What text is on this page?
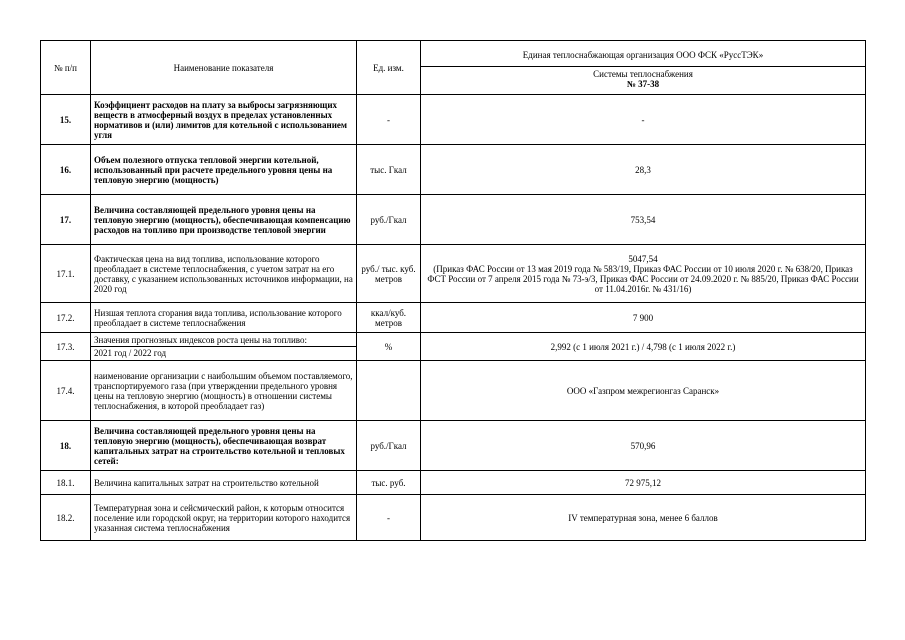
№ п/п	Наименование показателя	Ед. изм.	Единая теплоснабжающая организация ООО ФСК «РусcТЭК»
Системы теплоснабжения
№ 37-38

15.	Коэффициент расходов на плату за выбросы загрязняющих веществ в атмосферный воздух в пределах установленных нормативов и (или) лимитов для котельной с использованием угля	-	-
16.	Объем полезного отпуска тепловой энергии котельной, использованный при расчете предельного уровня цены на тепловую энергию (мощность)	тыс. Гкал	28,3
17.	Величина составляющей предельного уровня цены на тепловую энергию (мощность), обеспечивающая компенсацию расходов на топливо при производстве тепловой энергии	руб./Гкал	753,54
17.1.	Фактическая цена на вид топлива, использование которого преобладает в системе теплоснабжения, с учетом затрат на его доставку, с указанием использованных источников информации, на 2020 год	руб./ тыс. куб. метров	5047,54
(Приказ ФАС России от 13 мая 2019 года № 583/19, Приказ ФАС России от 10 июля 2020 г. № 638/20, Приказ ФСТ России от 7 апреля 2015 года № 73-э/3, Приказ ФАС России от 24.09.2020 г. № 885/20, Приказ ФАС России от 11.04.2016г. № 431/16)
17.2.	Низшая теплота сгорания вида топлива, использование которого преобладает в системе теплоснабжения	ккал/куб. метров	7 900
17.3.	Значения прогнозных индексов роста цены на топливо:
2021 год / 2022 год	%	2,992 (с 1 июля 2021 г.) / 4,798 (с 1 июля 2022 г.)
17.4.	наименование организации с наибольшим объемом поставляемого, транспортируемого газа (при утверждении предельного уровня цены на тепловую энергию (мощность) в отношении системы теплоснабжения, в которой преобладает газ)		ООО «Газпром межрегионгаз Саранск»
18.	Величина составляющей предельного уровня цены на тепловую энергию (мощность), обеспечивающая возврат капитальных затрат на строительство котельной и тепловых сетей:	руб./Гкал	570,96
18.1.	Величина капитальных затрат на строительство котельной	тыс. руб.	72 975,12
18.2.	Температурная зона и сейсмический район, к которым относится поселение или городской округ, на территории которого находится указанная система теплоснабжения	-	IV температурная зона, менее 6 баллов
